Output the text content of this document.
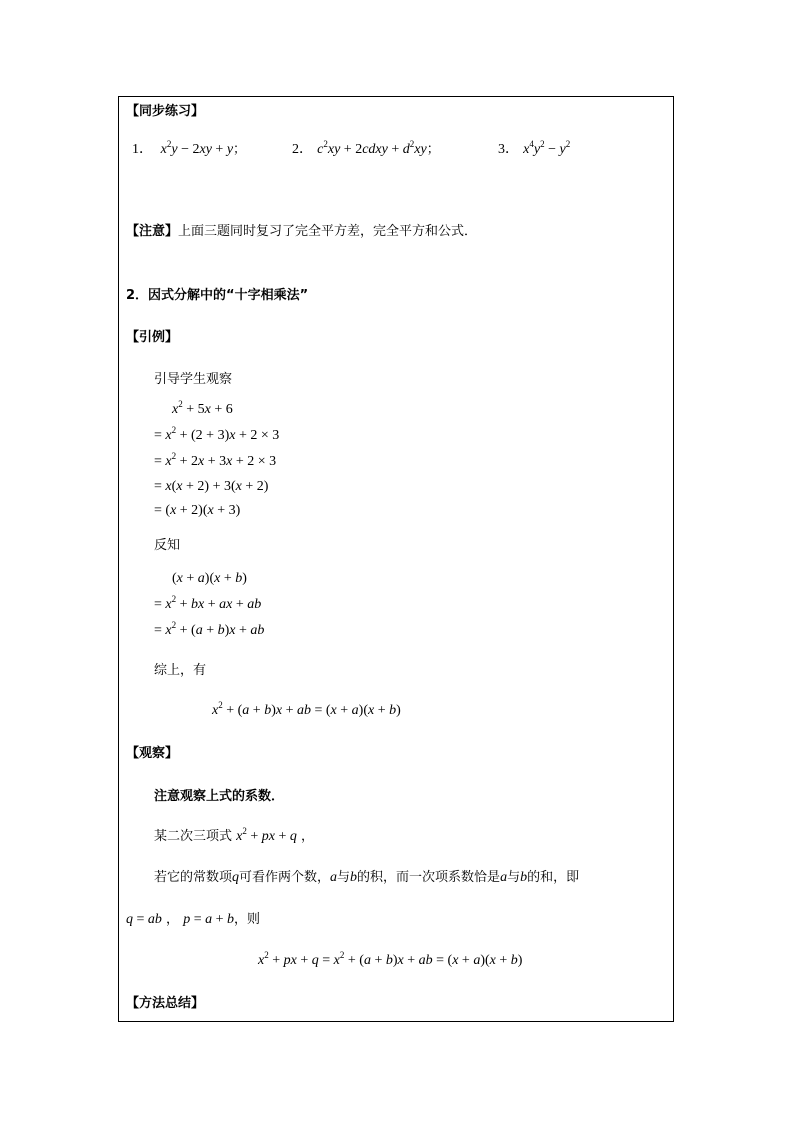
【同步练习】
1． $x^2y - 2xy + y$；	2． $c^2xy$ + 2cdxy + $d^2xy$；	3． $x^4y^2 - y^2$
【注意】上面三题同时复习了完全平方差，完全平方和公式．
2．因式分解中的“十字相乘法”
【引例】
引导学生观察
$x^2 + 5x + 6$
= $x^2 + (2 + 3)x + 2 \times 3$
= $x^2 + 2x + 3x + 2 \times 3$
= x(x + 2) + 3(x + 2)
= (x + 2)(x + 3)
反知
(x + a)(x + b)
= $x^2$ + bx + ax + ab
= $x^2 + (a + b)x$ + ab
综上，有
$x^2 + (a + b)x$ + ab = (x + a)(x + b)
【观察】
注意观察上式的系数．
某二次三项式 $x^2$ + px + q ，
若它的常数项q可看作两个数，a与b的积，而一次项系数恰是a与b的和，即
q = ab ， p = a + b，则
$x^2$ + px + $q = x^2 + (a + b)x$ + ab = (x + a)(x + b)
【方法总结】
